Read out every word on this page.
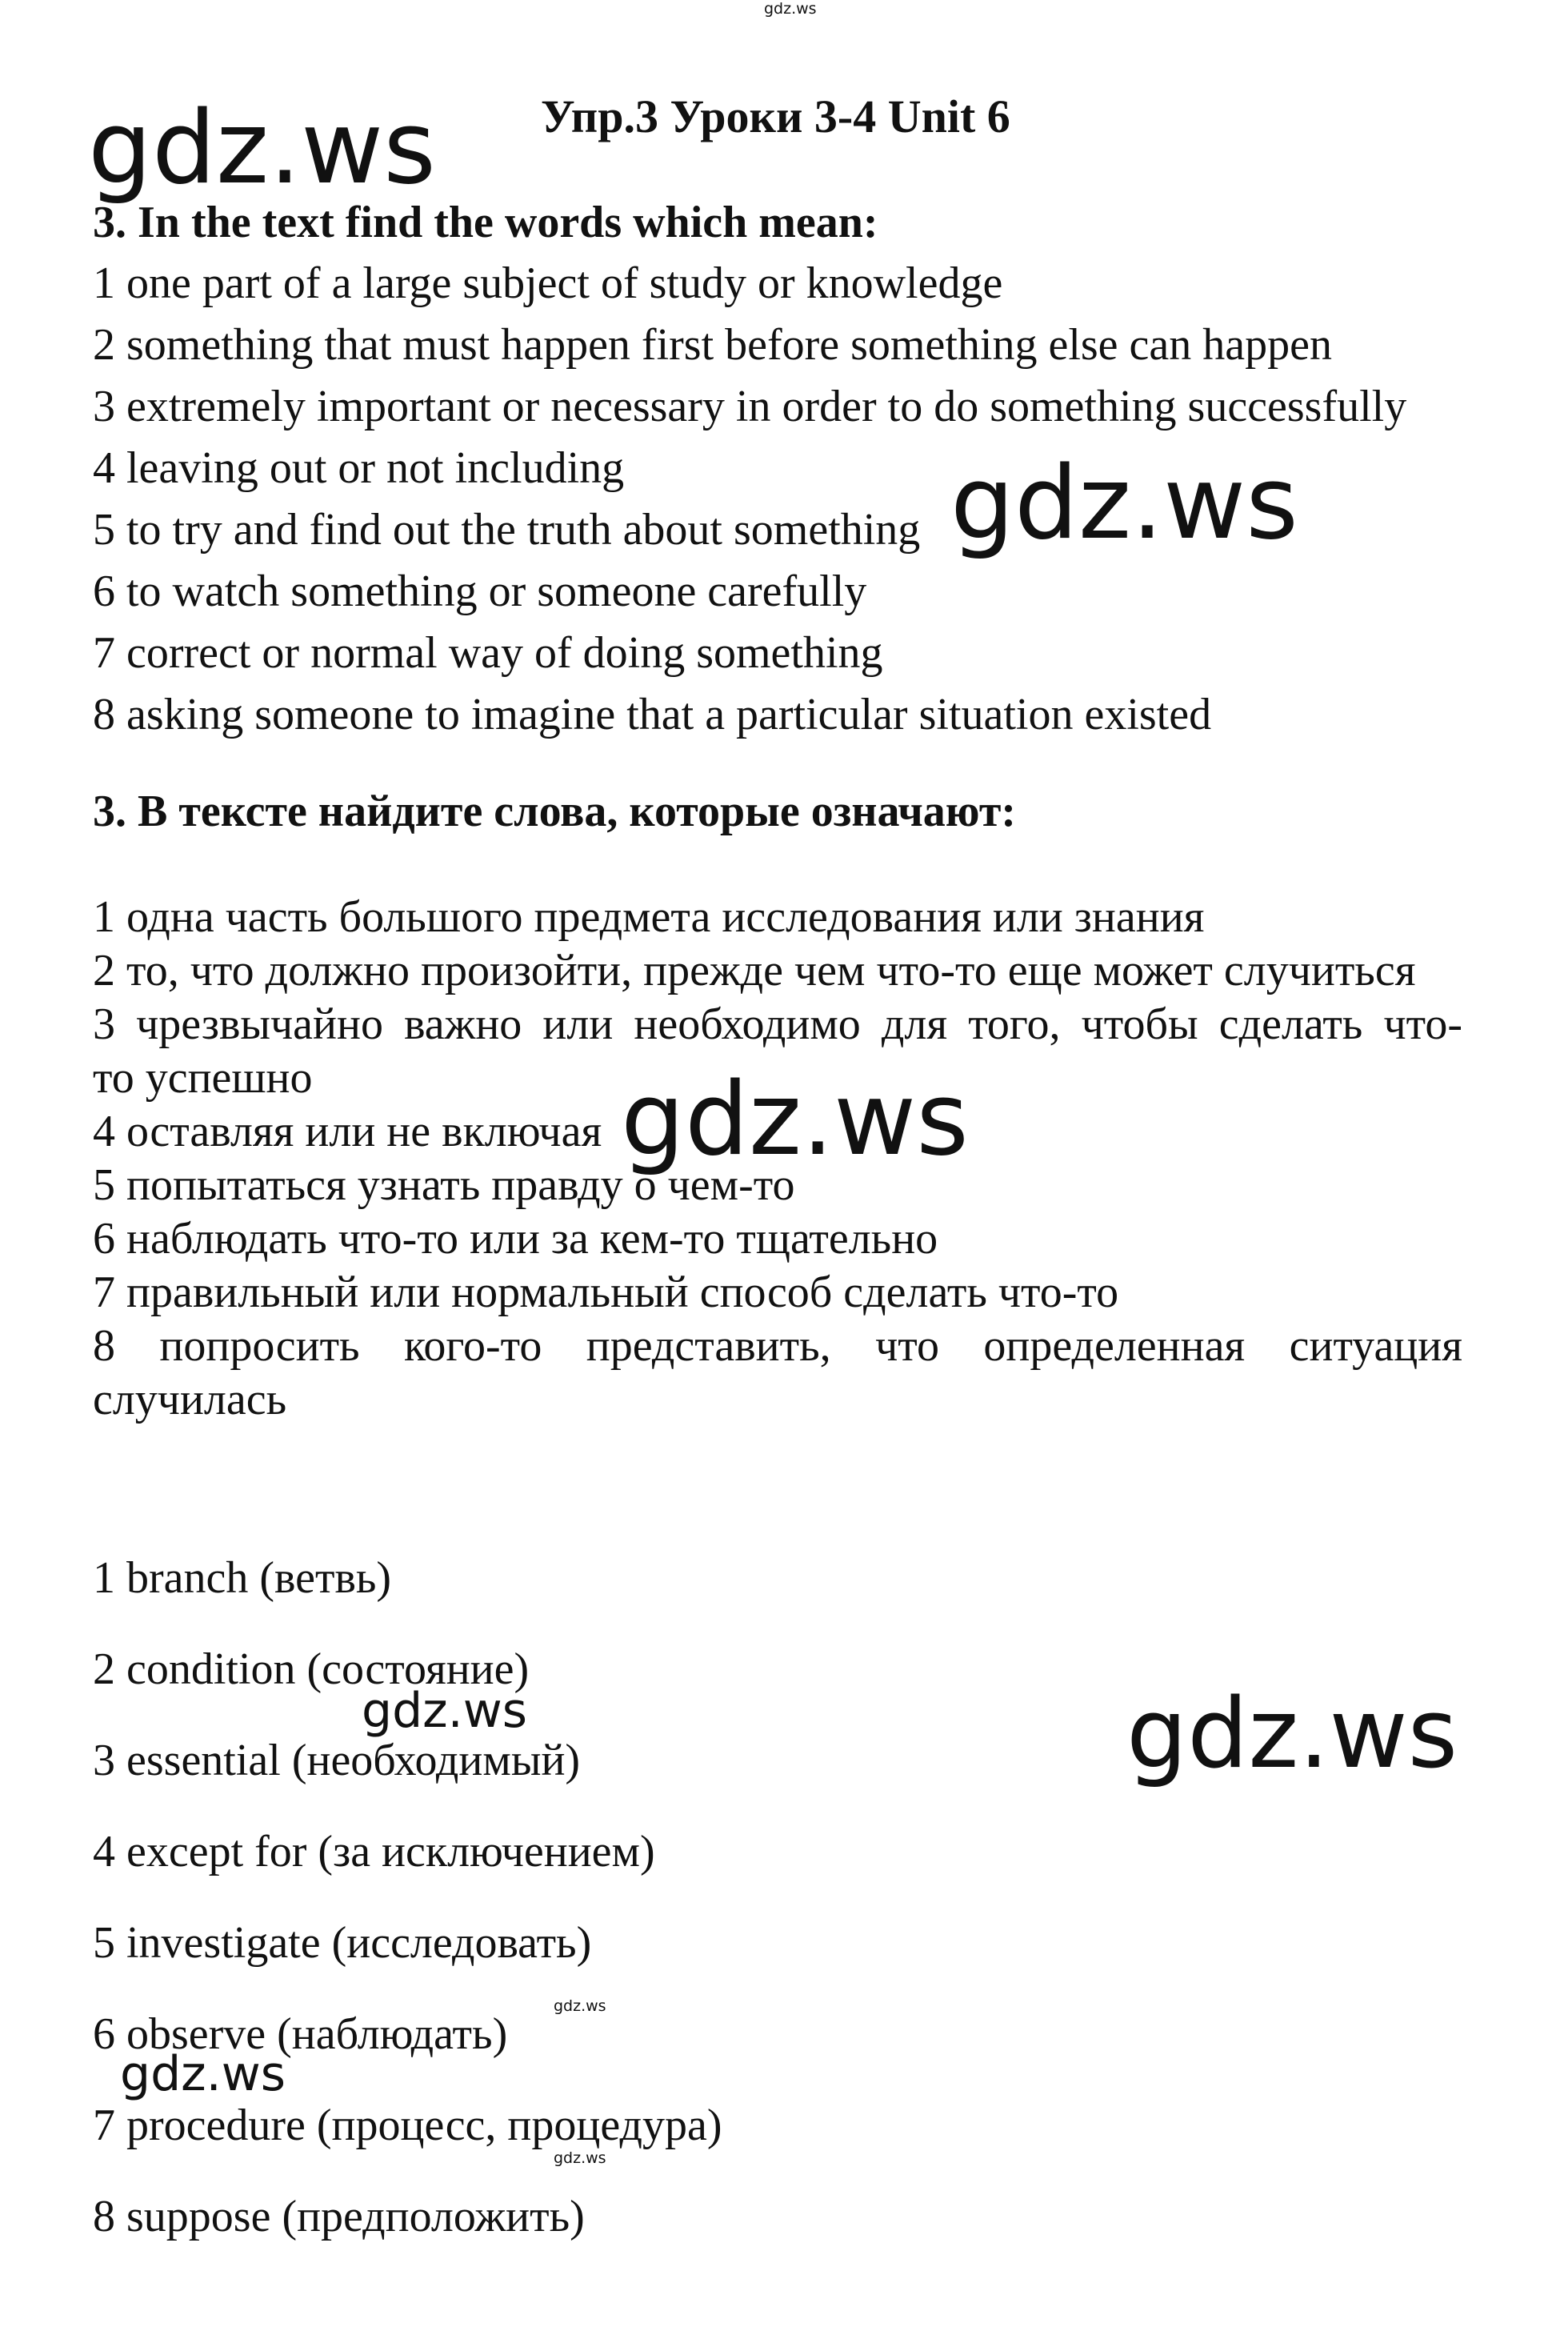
gdz.ws
Упр.3 Уроки 3-4 Unit 6
3. In the text find the words which mean:
1 one part of a large subject of study or knowledge
2 something that must happen first before something else can happen
3 extremely important or necessary in order to do something successfully
4 leaving out or not including
5 to try and find out the truth about something
6 to watch something or someone carefully
7 correct or normal way of doing something
8 asking someone to imagine that a particular situation existed
3. В тексте найдите слова, которые означают:
1 одна часть большого предмета исследования или знания
2 то, что должно произойти, прежде чем что-то еще может случиться
3 чрезвычайно важно или необходимо для того, чтобы сделать что-
то успешно
4 оставляя или не включая
5 попытаться узнать правду о чем-то
6 наблюдать что-то или за кем-то тщательно
7 правильный или нормальный способ сделать что-то
8 попросить кого-то представить, что определенная ситуация
случилась
1 branch (ветвь)
2 condition (состояние)
3 essential (необходимый)
4 except for (за исключением)
5 investigate (исследовать)
6 observe (наблюдать)
7 procedure (процесс, процедура)
8 suppose (предположить)
gdz.ws
gdz.ws
gdz.ws
gdz.ws
gdz.ws
gdz.ws
gdz.ws
gdz.ws
